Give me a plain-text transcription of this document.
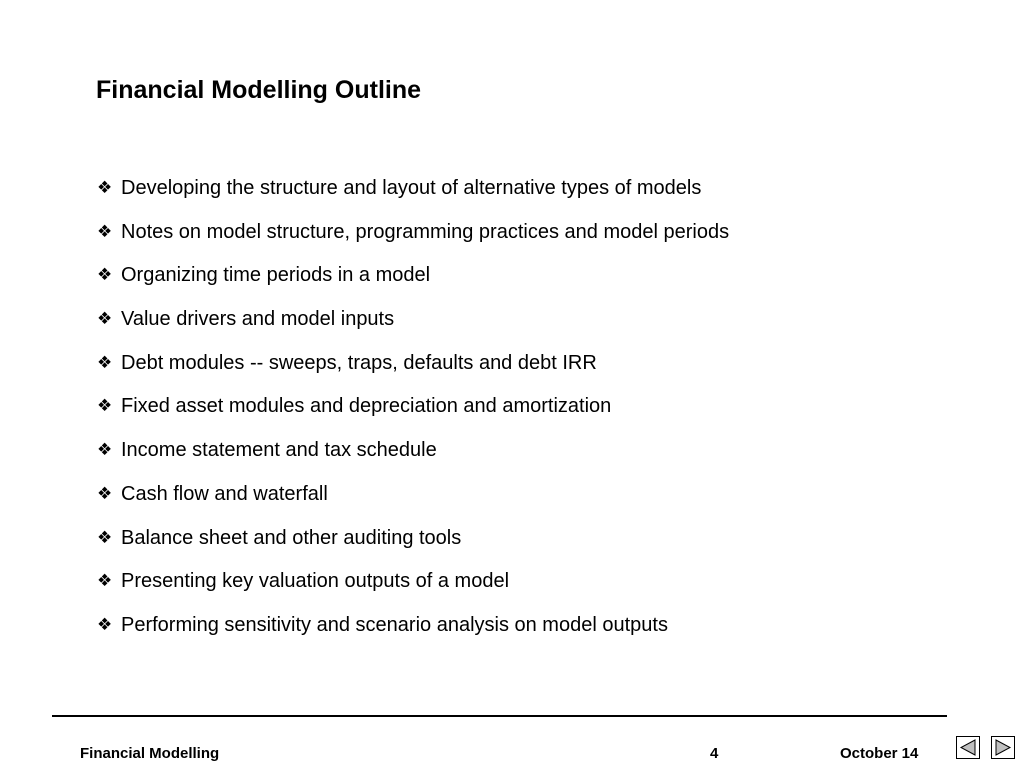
Financial Modelling Outline
❖ Developing the structure and layout of alternative types of models
❖ Notes on model structure, programming practices and model periods
❖ Organizing time periods in a model
❖ Value drivers and model inputs
❖ Debt modules -- sweeps, traps, defaults and debt IRR
❖ Fixed asset modules and depreciation and amortization
❖ Income statement and tax schedule
❖ Cash flow and waterfall
❖ Balance sheet and other auditing tools
❖ Presenting key valuation outputs of a model
❖ Performing sensitivity and scenario analysis on model outputs
Financial Modelling	4	October 14
